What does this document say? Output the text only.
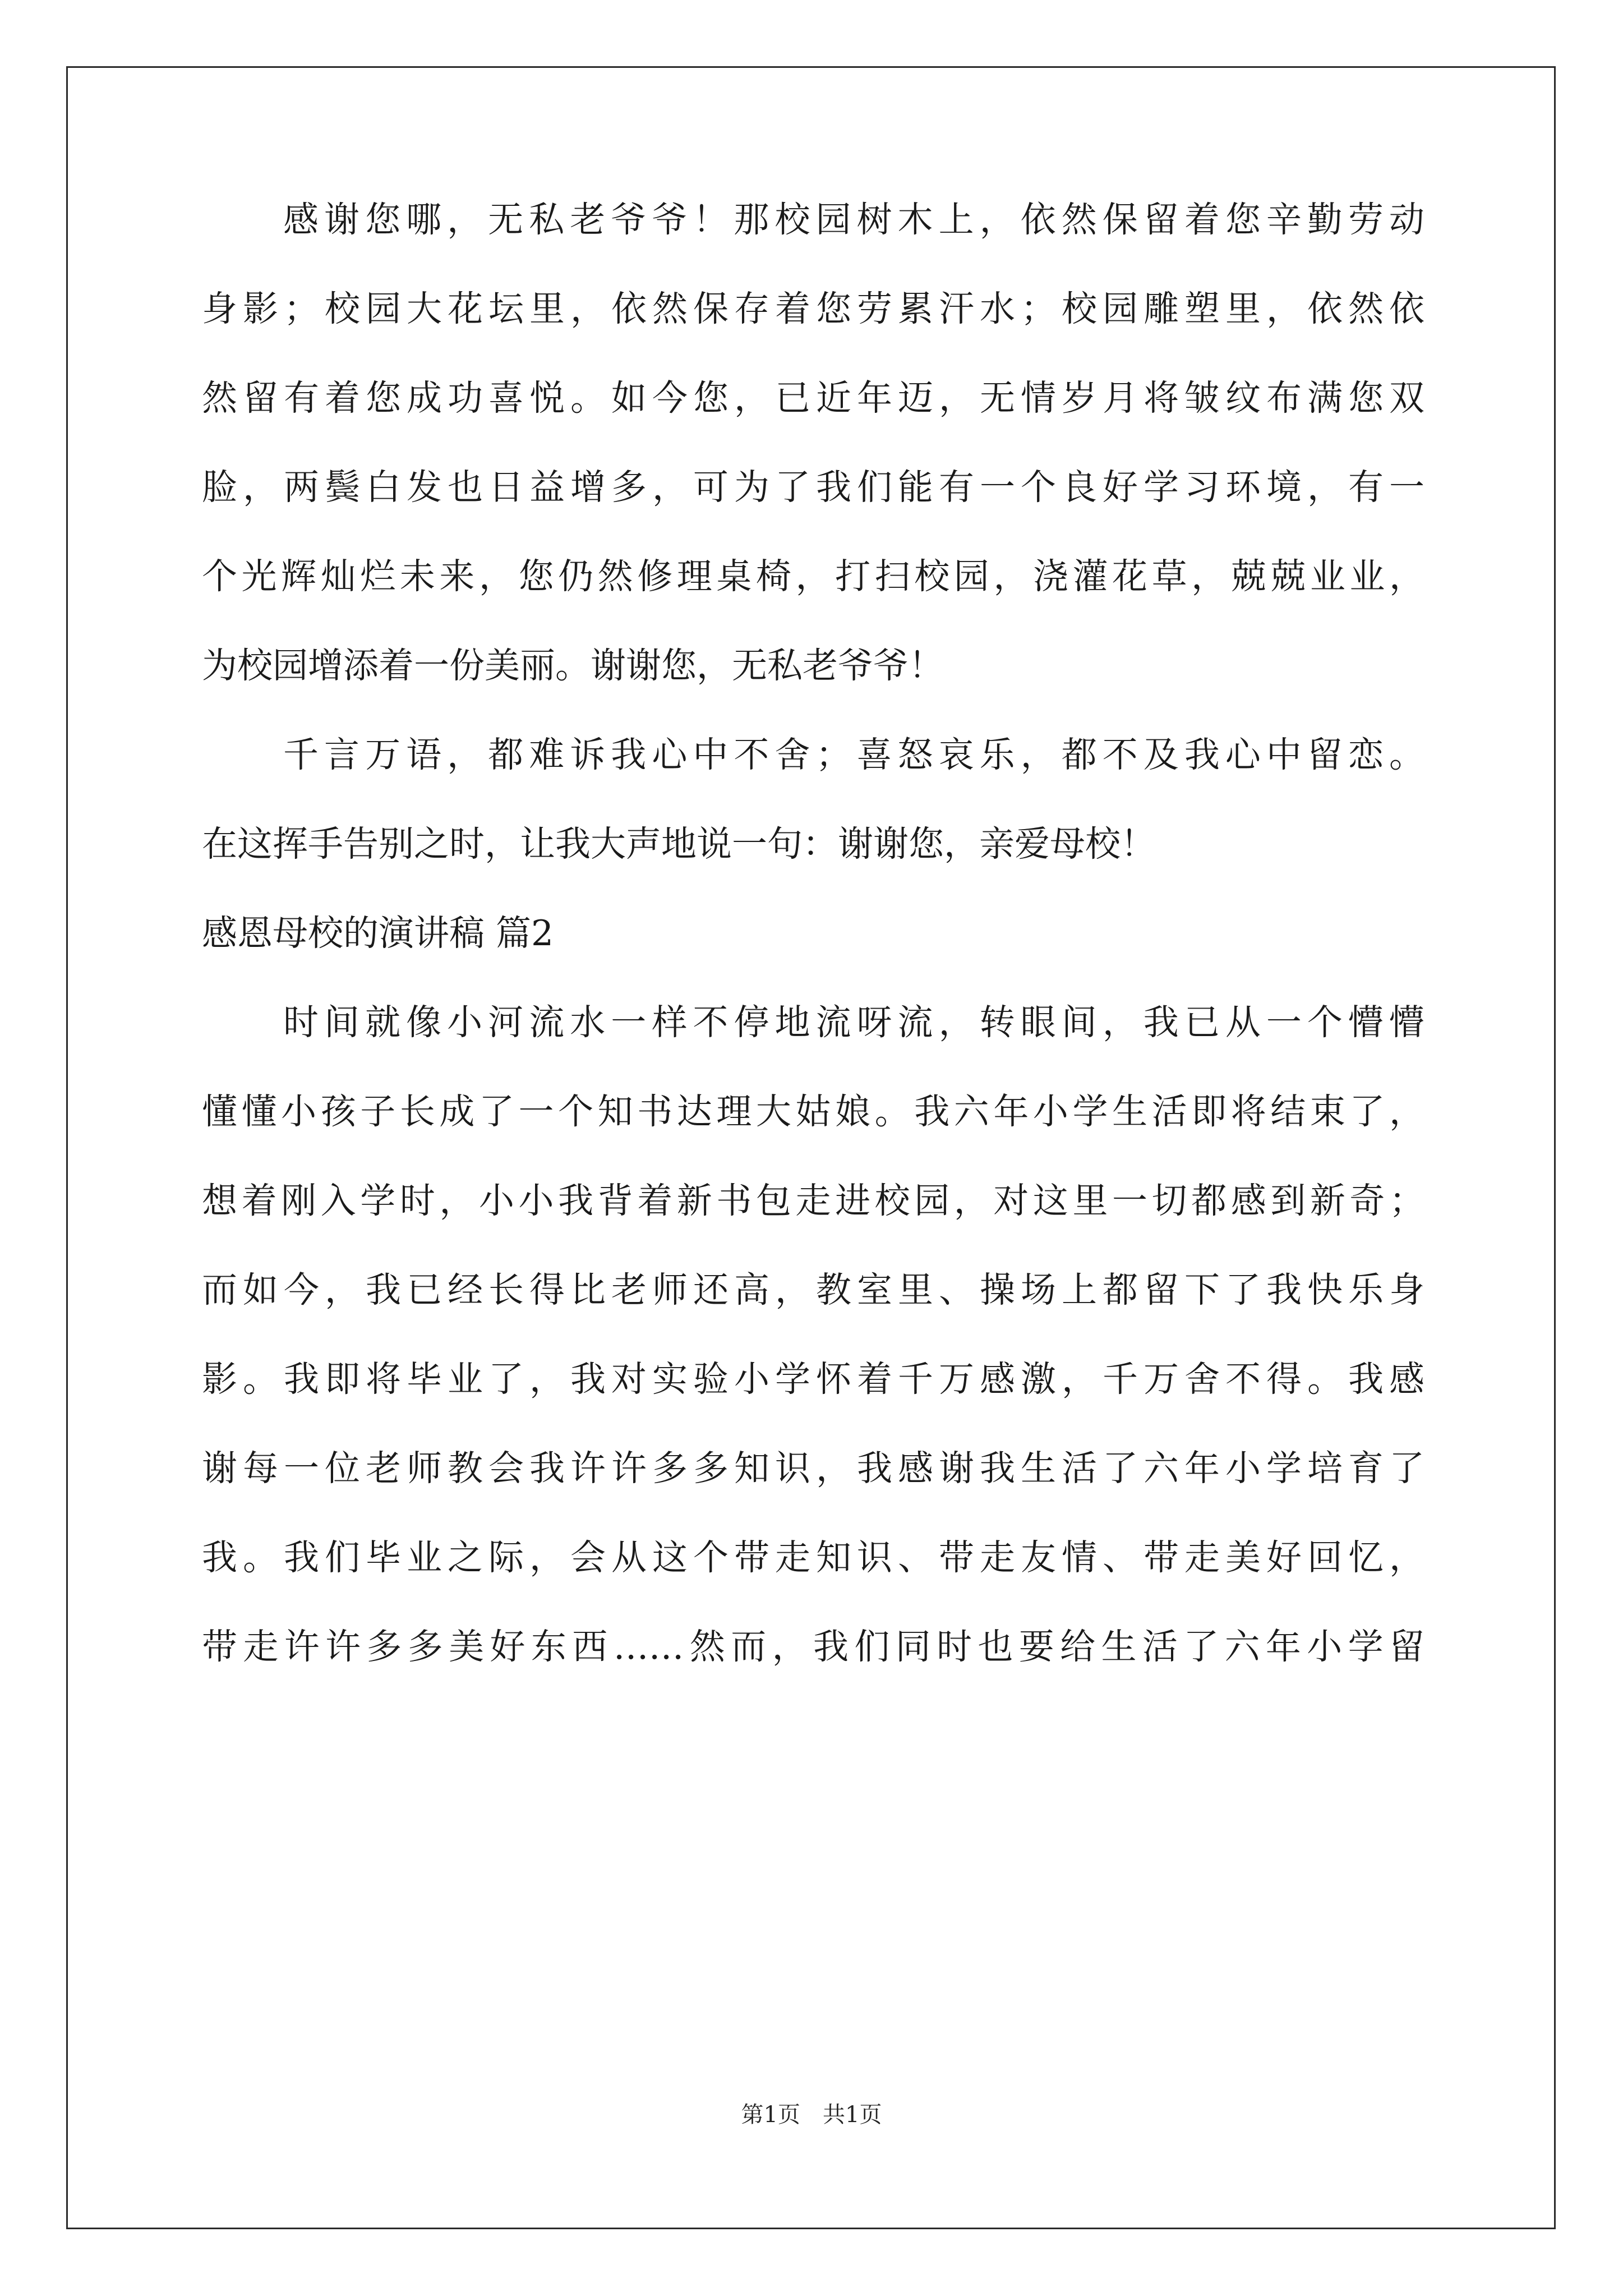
感谢您哪，无私老爷爷！那校园树木上，依然保留着您辛勤劳动
身影；校园大花坛里，依然保存着您劳累汗水；校园雕塑里，依然依
然留有着您成功喜悦。如今您，已近年迈，无情岁月将皱纹布满您双
脸，两鬓白发也日益增多，可为了我们能有一个良好学习环境，有一
个光辉灿烂未来，您仍然修理桌椅，打扫校园，浇灌花草，兢兢业业，
为校园增添着一份美丽。谢谢您，无私老爷爷！
千言万语，都难诉我心中不舍；喜怒哀乐，都不及我心中留恋。
在这挥手告别之时，让我大声地说一句：谢谢您，亲爱母校！
感恩母校的演讲稿 篇2
时间就像小河流水一样不停地流呀流，转眼间，我已从一个懵懵
懂懂小孩子长成了一个知书达理大姑娘。我六年小学生活即将结束了，
想着刚入学时，小小我背着新书包走进校园，对这里一切都感到新奇；
而如今，我已经长得比老师还高，教室里、操场上都留下了我快乐身
影。我即将毕业了，我对实验小学怀着千万感激，千万舍不得。我感
谢每一位老师教会我许许多多知识，我感谢我生活了六年小学培育了
我。我们毕业之际，会从这个带走知识、带走友情、带走美好回忆，
带走许许多多美好东西……然而，我们同时也要给生活了六年小学留
第1页 共1页
